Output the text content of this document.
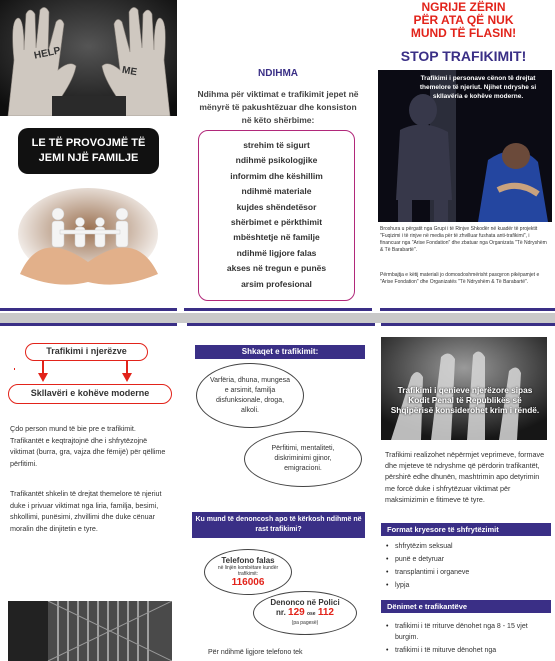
HELP
ME
LE TË PROVOJMË TË JEMI NJË FAMILJE
NDIHMA
Ndihma për viktimat e trafikimit jepet në mënyrë të pakushtëzuar dhe konsiston në këto shërbime:
strehim të sigurt
ndihmë psikologjike
informim dhe këshillim
ndihmë materiale
kujdes shëndetësor
shërbimet e përkthimit
mbështetje në familje
ndihmë ligjore falas
akses në tregun e punës
arsim profesional
NGRIJE ZËRIN
PËR ATA QË NUK
MUND TË FLASIN!
STOP TRAFIKIMIT!
Trafikimi i personave cënon të drejtat themelore të njeriut. Njihet ndryshe si skllavëria e kohëve moderne.
Broshura u përgatit nga Grupi i të Rinjve Shkodër në kuadër të projektit "Fuqizimi i të rinjve në media për të zhvilluar fushata anti-trafikimi", i financuar nga "Arise Fondation" dhe zbatuar nga Organizata "Të Ndryshëm & Të Barabartë".
Përmbajtja e këtij materiali jo domosdoshmërisht pasqyron pikëpamjet e "Arise Fondation" dhe Organizatës "Të Ndryshëm & Të Barabartë".
Trafikimi i njerëzve
Skllavëri e kohëve moderne
Çdo person mund të bie pre e trafikimit. Trafikantët e keqtrajtojnë dhe i shfrytëzojnë viktimat (burra, gra, vajza dhe fëmijë) për qëllime përfitimi.
Trafikantët shkelin të drejtat themelore të njeriut duke i privuar viktimat nga liria, familja, besimi, shkollimi, punësimi, zhvillimi dhe duke cënuar moralin dhe dinjitetin e tyre.
Shkaqet e trafikimit:
Varfëria, dhuna, mungesa e arsimit, familja disfunksionale, droga, alkoli.
Përfitimi, mentaliteti, diskriminimi gjinor, emigracioni.
Ku mund të denoncosh apo të kërkosh ndihmë në rast trafikimi?
Telefono falas
në linjën kombëtare kundër trafikimit:
116006
Denonco në Polici
nr. 129 ose 112
(pa pagesë)
Për ndihmë ligjore telefono tek
Trafikimi i qenieve njerëzore sipas Kodit Penal të Republikës së Shqipërisë konsiderohet krim i rëndë.
Trafikimi realizohet nëpërmjet veprimeve, formave dhe mjeteve të ndryshme që përdorin trafikantët, përshirë edhe dhunën, mashtrimin apo detyrimin me forcë duke i shfrytëzuar viktimat për maksimizimin e fitimeve të tyre.
Format kryesore të shfrytëzimit
• shfrytëzim seksual
• punë e detyruar
• transplantimi i organeve
• lypja
Dënimet e trafikantëve
• trafikimi i të rriturve dënohet nga 8 - 15 vjet burgim.
• trafikimi i të miturve dënohet nga
